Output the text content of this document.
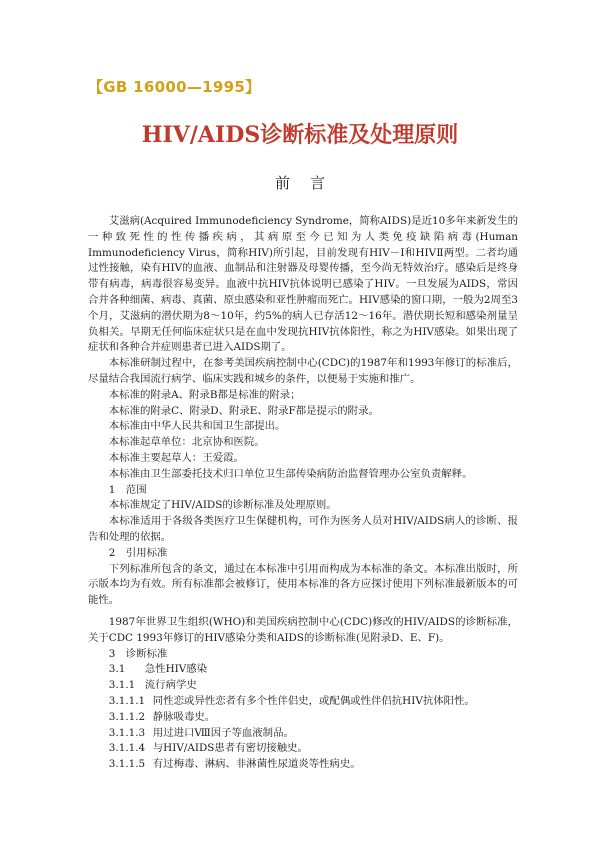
【GB 16000—1995】
HIV/AIDS诊断标准及处理原则
前言

艾滋病(Acquired Immunodeficiency Syndrome，简称AIDS)是近10多年来新发生的一种致死性的性传播疾病，其病原至今已知为人类免疫缺陷病毒(Human Immunodeficiency Virus，简称HIV)所引起，目前发现有HIV－Ⅰ和HIVⅡ两型。二者均通过性接触，染有HIV的血液、血制品和注射器及母婴传播，至今尚无特效治疗。感染后是终身带有病毒，病毒很容易变异。血液中抗HIV抗体说明已感染了HIV。一旦发展为AIDS，常因合并各种细菌、病毒、真菌、原虫感染和亚性肿瘤而死亡。HIV感染的窗口期，一般为2周至3个月，艾滋病的潜伏期为8～10年，约5%的病人已存活12～16年。潜伏期长短和感染剂量呈负相关。早期无任何临床症状只是在血中发现抗HIV抗体阳性，称之为HIV感染。如果出现了症状和各种合并症则患者已进入AIDS期了。

本标准研制过程中，在参考美国疾病控制中心(CDC)的1987年和1993年修订的标准后，尽量结合我国流行病学、临床实践和城乡的条件，以便易于实施和推广。

本标准的附录A、附录B都是标准的附录；

本标准的附录C、附录D、附录E、附录F都是提示的附录。

本标准由中华人民共和国卫生部提出。

本标准起草单位：北京协和医院。

本标准主要起草人：王爱霞。

本标准由卫生部委托技术归口单位卫生部传染病防治监督管理办公室负责解释。

1　范围

本标准规定了HIV/AIDS的诊断标准及处理原则。

本标准适用于各级各类医疗卫生保健机构，可作为医务人员对HIV/AIDS病人的诊断、报告和处理的依据。

2　引用标准

下列标准所包含的条文，通过在本标准中引用而构成为本标准的条文。本标准出版时，所示版本均为有效。所有标准都会被修订，使用本标准的各方应探讨使用下列标准最新版本的可能性。

1987年世界卫生组织(WHO)和美国疾病控制中心(CDC)修改的HIV/AIDS的诊断标准，关于CDC 1993年修订的HIV感染分类和AIDS的诊断标准(见附录D、E、F)。

3　诊断标准

3.1 急性HIV感染

3.1.1 流行病学史

3.1.1.1 同性恋或异性恋者有多个性伴侣史，或配偶或性伴侣抗HIV抗体阳性。

3.1.1.2 静脉吸毒史。

3.1.1.3 用过进口Ⅷ因子等血液制品。

3.1.1.4 与HIV/AIDS患者有密切接触史。

3.1.1.5 有过梅毒、淋病、非淋菌性尿道炎等性病史。
